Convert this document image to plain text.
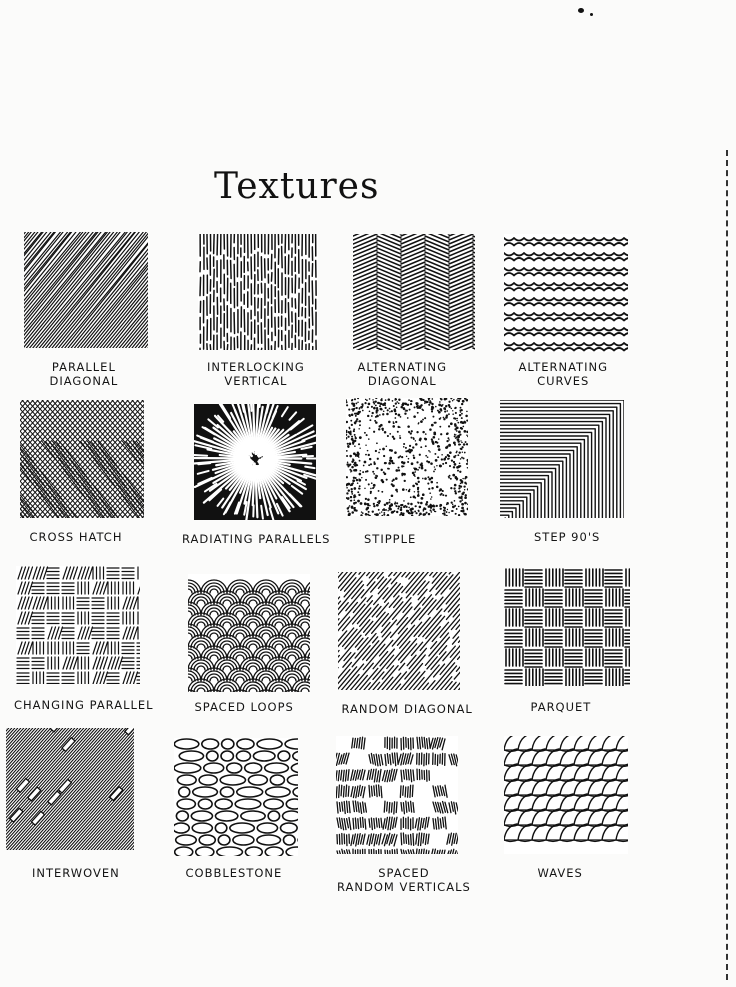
Textures
PARALLEL
DIAGONAL
INTERLOCKING
VERTICAL
ALTERNATING
DIAGONAL
ALTERNATING
CURVES
CROSS HATCH	RADIATING PARALLELS	STIPPLE	STEP 90'S
CHANGING PARALLEL	SPACED LOOPS	RANDOM DIAGONAL	PARQUET
INTERWOVEN	COBBLESTONE	SPACED
RANDOM VERTICALS
WAVES
